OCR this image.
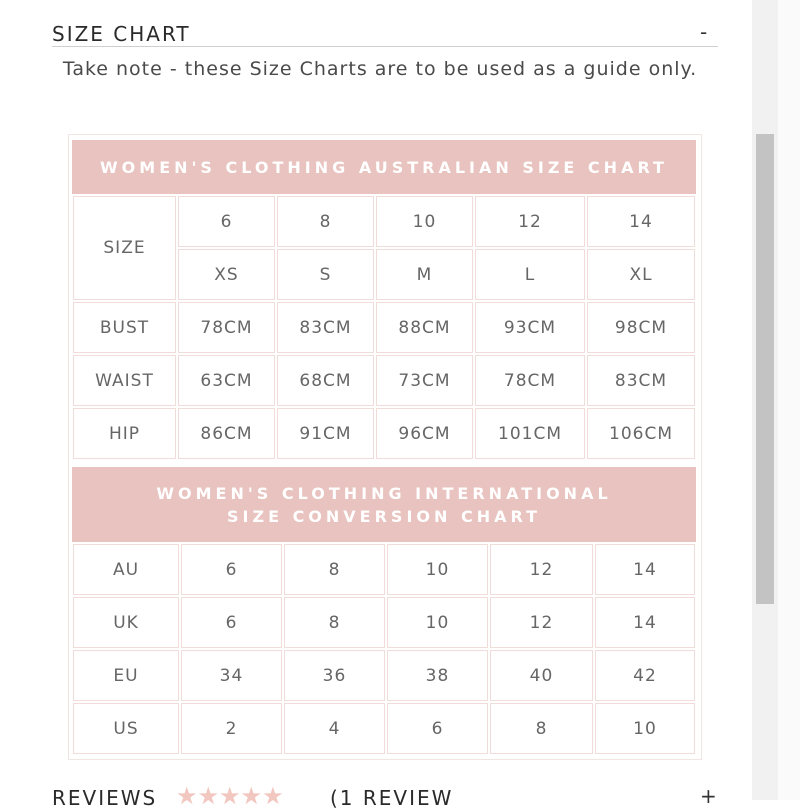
SIZE CHART	-
Take note - these Size Charts are to be used as a guide only.
WOMEN'S CLOTHING AUSTRALIAN SIZE CHART
SIZE
6	8	10	12	14
XS	S	M	L	XL
BUST	78CM	83CM	88CM	93CM	98CM
WAIST	63CM	68CM	73CM	78CM	83CM
HIP	86CM	91CM	96CM	101CM	106CM
WOMEN'S CLOTHING INTERNATIONAL SIZE CONVERSION CHART
AU	6	8	10	12	14
UK	6	8	10	12	14
EU	34	36	38	40	42
US	2	4	6	8	10
REVIEWS ★★★★★ (1 REVIEW	+
